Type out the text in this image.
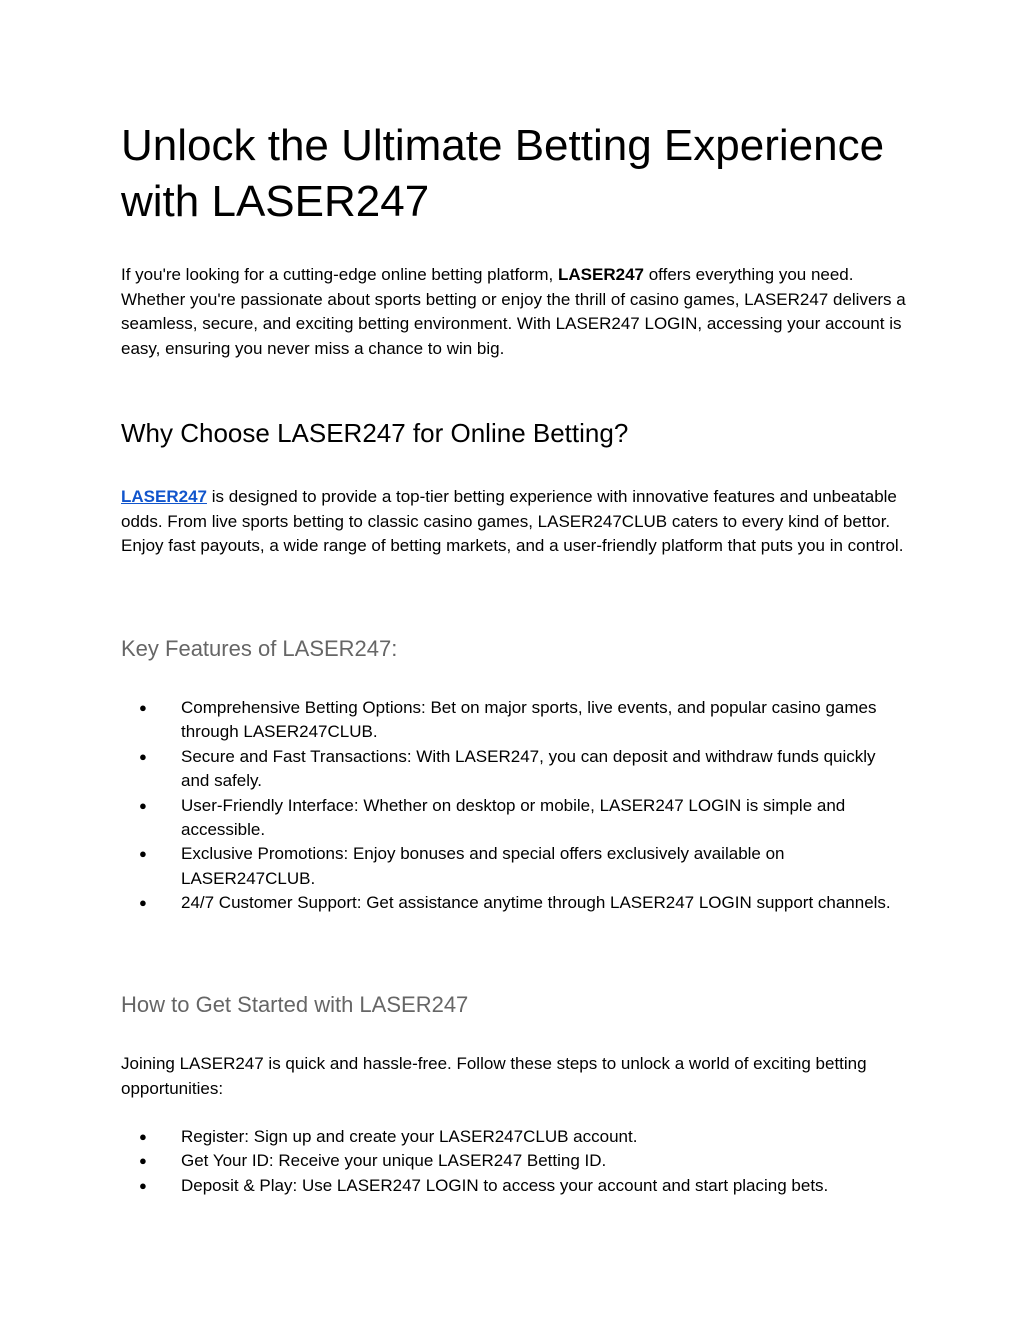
Unlock the Ultimate Betting Experience with LASER247

If you're looking for a cutting-edge online betting platform, LASER247 offers everything you need. Whether you're passionate about sports betting or enjoy the thrill of casino games, LASER247 delivers a seamless, secure, and exciting betting environment. With LASER247 LOGIN, accessing your account is easy, ensuring you never miss a chance to win big.

Why Choose LASER247 for Online Betting?

LASER247 is designed to provide a top-tier betting experience with innovative features and unbeatable odds. From live sports betting to classic casino games, LASER247CLUB caters to every kind of bettor. Enjoy fast payouts, a wide range of betting markets, and a user-friendly platform that puts you in control.

Key Features of LASER247:
● Comprehensive Betting Options: Bet on major sports, live events, and popular casino games through LASER247CLUB.
● Secure and Fast Transactions: With LASER247, you can deposit and withdraw funds quickly and safely.
● User-Friendly Interface: Whether on desktop or mobile, LASER247 LOGIN is simple and accessible.
● Exclusive Promotions: Enjoy bonuses and special offers exclusively available on LASER247CLUB.
● 24/7 Customer Support: Get assistance anytime through LASER247 LOGIN support channels.
How to Get Started with LASER247

Joining LASER247 is quick and hassle-free. Follow these steps to unlock a world of exciting betting opportunities:

● Register: Sign up and create your LASER247CLUB account.
● Get Your ID: Receive your unique LASER247 Betting ID.
● Deposit & Play: Use LASER247 LOGIN to access your account and start placing bets.
